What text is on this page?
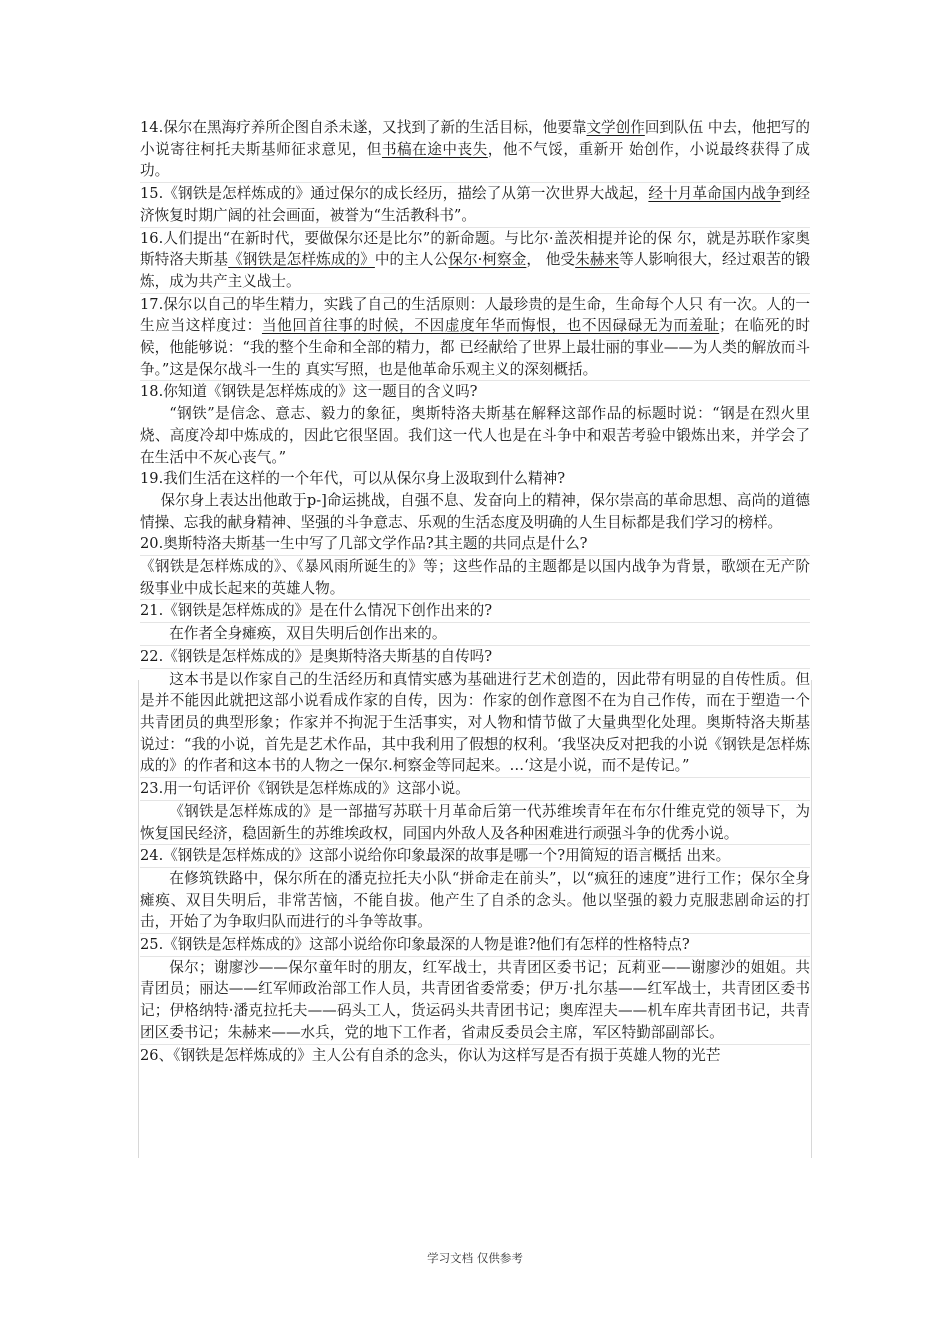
14.保尔在黑海疗养所企图自杀未遂，又找到了新的生活目标，他要靠文学创作回到队伍 中去，他把写的小说寄往柯托夫斯基师征求意见，但书稿在途中丧失，他不气馁，重新开 始创作，小说最终获得了成功。

15.《钢铁是怎样炼成的》通过保尔的成长经历，描绘了从第一次世界大战起，经十月革命国内战争到经济恢复时期广阔的社会画面，被誉为“生活教科书”。

16.人们提出“在新时代，要做保尔还是比尔”的新命题。与比尔·盖茨相提并论的保 尔，就是苏联作家奥斯特洛夫斯基《钢铁是怎样炼成的》中的主人公保尔·柯察金， 他受朱赫来等人影响很大，经过艰苦的锻炼，成为共产主义战士。

17.保尔以自己的毕生精力，实践了自己的生活原则：人最珍贵的是生命，生命每个人只 有一次。人的一生应当这样度过：当他回首往事的时候，不因虚度年华而悔恨，也不因碌碌无为而羞耻；在临死的时候，他能够说：“我的整个生命和全部的精力，都 已经献给了世界上最壮丽的事业——为人类的解放而斗争。”这是保尔战斗一生的 真实写照，也是他革命乐观主义的深刻概括。

18.你知道《钢铁是怎样炼成的》这一题目的含义吗?

“钢铁”是信念、意志、毅力的象征，奥斯特洛夫斯基在解释这部作品的标题时说：“钢是在烈火里烧、高度冷却中炼成的，因此它很坚固。我们这一代人也是在斗争中和艰苦考验中锻炼出来，并学会了在生活中不灰心丧气。”

19.我们生活在这样的一个年代，可以从保尔身上汲取到什么精神?

保尔身上表达出他敢于p-]命运挑战，自强不息、发奋向上的精神，保尔崇高的革命思想、高尚的道德情操、忘我的献身精神、坚强的斗争意志、乐观的生活态度及明确的人生目标都是我们学习的榜样。

20.奥斯特洛夫斯基一生中写了几部文学作品?其主题的共同点是什么?

《钢铁是怎样炼成的》、《暴风雨所诞生的》等；这些作品的主题都是以国内战争为背景，歌颂在无产阶级事业中成长起来的英雄人物。

21.《钢铁是怎样炼成的》是在什么情况下创作出来的?

在作者全身瘫痪，双目失明后创作出来的。

22.《钢铁是怎样炼成的》是奥斯特洛夫斯基的自传吗?

这本书是以作家自己的生活经历和真情实感为基础进行艺术创造的，因此带有明显的自传性质。但是并不能因此就把这部小说看成作家的自传，因为：作家的创作意图不在为自己作传，而在于塑造一个共青团员的典型形象；作家并不拘泥于生活事实，对人物和情节做了大量典型化处理。奥斯特洛夫斯基说过：“我的小说，首先是艺术作品，其中我利用了假想的权利。‘我坚决反对把我的小说《钢铁是怎样炼成的》的作者和这本书的人物之一保尔.柯察金等同起来。…‘这是小说，而不是传记。”

23.用一句话评价《钢铁是怎样炼成的》这部小说。

《钢铁是怎样炼成的》是一部描写苏联十月革命后第一代苏维埃青年在布尔什维克党的领导下，为恢复国民经济，稳固新生的苏维埃政权，同国内外敌人及各种困难进行顽强斗争的优秀小说。

24.《钢铁是怎样炼成的》这部小说给你印象最深的故事是哪一个?用简短的语言概括 出来。

在修筑铁路中，保尔所在的潘克拉托夫小队“拼命走在前头”，以“疯狂的速度”进行工作；保尔全身瘫痪、双目失明后，非常苦恼，不能自拔。他产生了自杀的念头。他以坚强的毅力克服悲剧命运的打击，开始了为争取归队而进行的斗争等故事。

25.《钢铁是怎样炼成的》这部小说给你印象最深的人物是谁?他们有怎样的性格特点?

保尔；谢廖沙——保尔童年时的朋友，红军战士，共青团区委书记；瓦莉亚——谢廖沙的姐姐。共青团员；丽达——红军师政治部工作人员，共青团省委常委；伊万·扎尔基——红军战士，共青团区委书记；伊格纳特·潘克拉托夫——码头工人，货运码头共青团书记；奥库涅夫——机车库共青团书记，共青团区委书记；朱赫来——水兵，党的地下工作者，省肃反委员会主席，军区特勤部副部长。

26、《钢铁是怎样炼成的》主人公有自杀的念头，你认为这样写是否有损于英雄人物的光芒

学习文档 仅供参考
